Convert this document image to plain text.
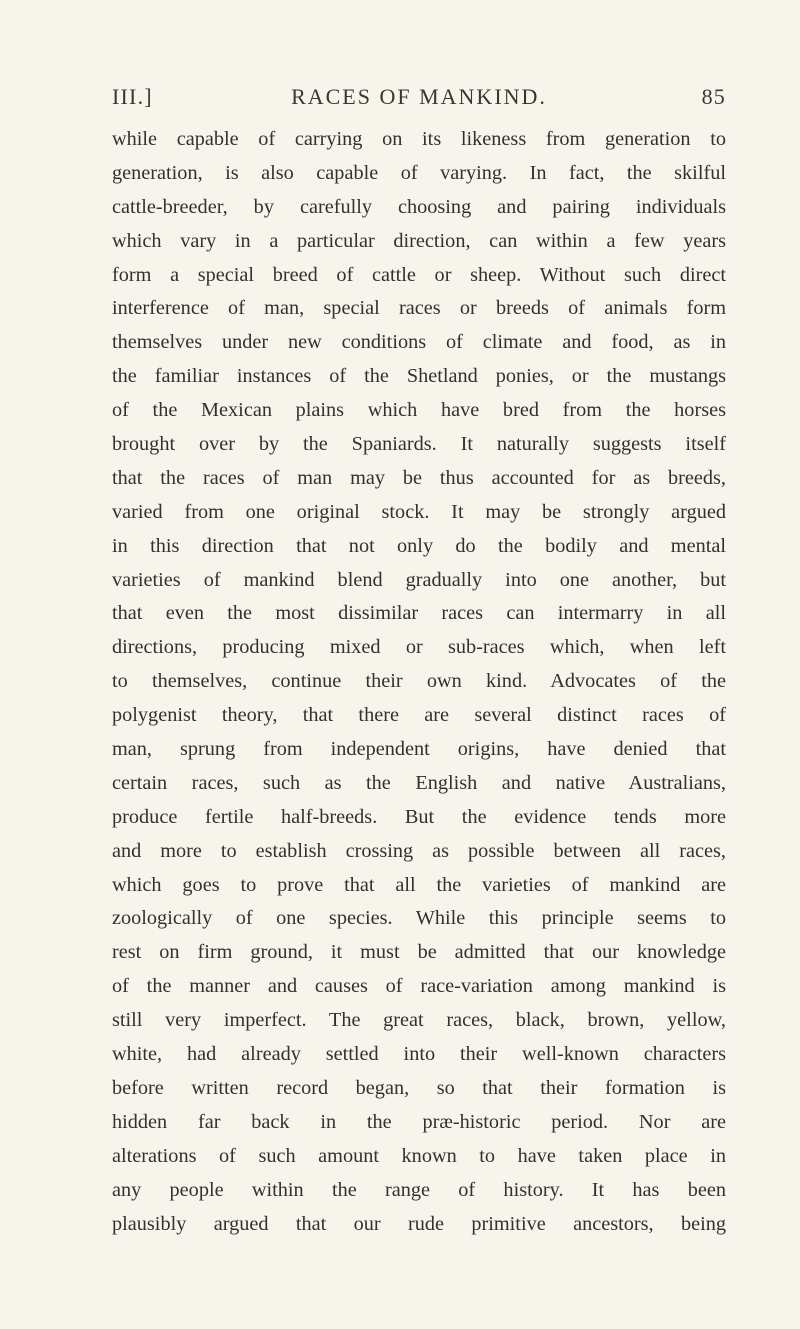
III.]	RACES OF MANKIND.	85
while capable of carrying on its likeness from generation to
generation, is also capable of varying. In fact, the skilful
cattle-breeder, by carefully choosing and pairing individuals
which vary in a particular direction, can within a few years
form a special breed of cattle or sheep. Without such direct
interference of man, special races or breeds of animals form
themselves under new conditions of climate and food, as in
the familiar instances of the Shetland ponies, or the mustangs
of the Mexican plains which have bred from the horses
brought over by the Spaniards. It naturally suggests itself
that the races of man may be thus accounted for as breeds,
varied from one original stock. It may be strongly argued
in this direction that not only do the bodily and mental
varieties of mankind blend gradually into one another, but
that even the most dissimilar races can intermarry in all
directions, producing mixed or sub-races which, when left
to themselves, continue their own kind. Advocates of the
polygenist theory, that there are several distinct races of
man, sprung from independent origins, have denied that
certain races, such as the English and native Australians,
produce fertile half-breeds. But the evidence tends more
and more to establish crossing as possible between all races,
which goes to prove that all the varieties of mankind are
zoologically of one species. While this principle seems to
rest on firm ground, it must be admitted that our knowledge
of the manner and causes of race-variation among mankind is
still very imperfect. The great races, black, brown, yellow,
white, had already settled into their well-known characters
before written record began, so that their formation is
hidden far back in the præ-historic period. Nor are
alterations of such amount known to have taken place in
any people within the range of history. It has been
plausibly argued that our rude primitive ancestors, being
